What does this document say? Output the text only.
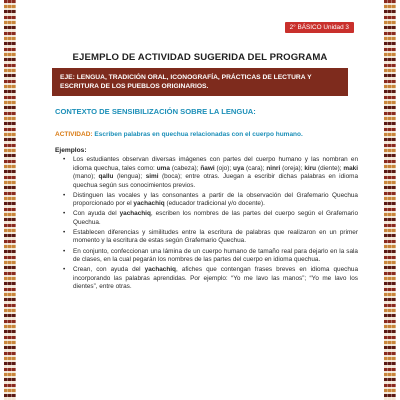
2° BÁSICO Unidad 3
EJEMPLO DE ACTIVIDAD SUGERIDA DEL PROGRAMA
EJE: LENGUA, TRADICIÓN ORAL, ICONOGRAFÍA, PRÁCTICAS DE LECTURA Y ESCRITURA DE LOS PUEBLOS ORIGINARIOS.
CONTEXTO DE SENSIBILIZACIÓN SOBRE LA LENGUA:
ACTIVIDAD: Escriben palabras en quechua relacionadas con el cuerpo humano.
Ejemplos:
• Los estudiantes observan diversas imágenes con partes del cuerpo humano y las nombran en idioma quechua, tales como: uma (cabeza); ñawi (ojo); uya (cara); ninri (oreja); kiru (diente); maki (mano); qallu (lengua); simi (boca); entre otras. Juegan a escribir dichas palabras en idioma quechua según sus conocimientos previos.
• Distinguen las vocales y las consonantes a partir de la observación del Grafemario Quechua proporcionado por el yachachiq (educador tradicional y/o docente).
• Con ayuda del yachachiq, escriben los nombres de las partes del cuerpo según el Grafemario Quechua.
• Establecen diferencias y similitudes entre la escritura de palabras que realizaron en un primer momento y la escritura de estas según Grafemario Quechua.
• En conjunto, confeccionan una lámina de un cuerpo humano de tamaño real para dejarlo en la sala de clases, en la cual pegarán los nombres de las partes del cuerpo en idioma quechua.
• Crean, con ayuda del yachachiq, afiches que contengan frases breves en idioma quechua incorporando las palabras aprendidas. Por ejemplo: “Yo me lavo las manos”; “Yo me lavo los dientes”, entre otras.
